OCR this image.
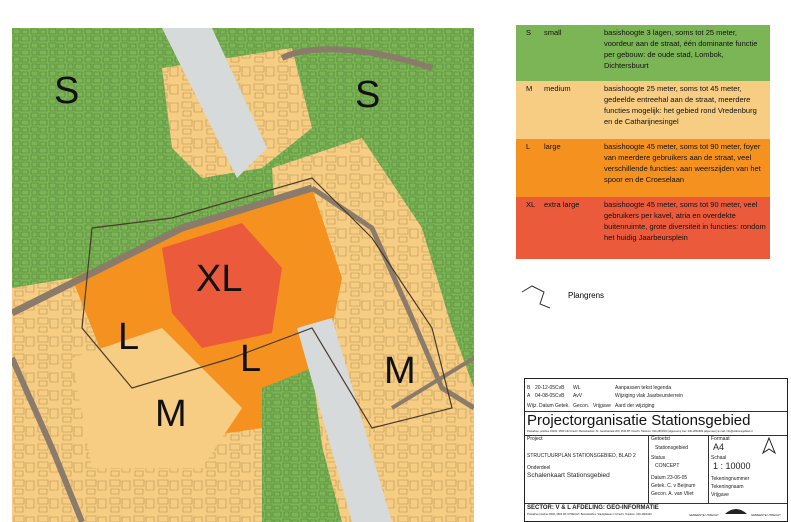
S	S
XL
L
L
M
M
S	small	basishoogte 3 lagen, soms tot 25 meter, voordeur aan de straat, één dominante functie per gebouw: de oude stad, Lombok, Dichtersbuurt
M	medium	basishoogte 25 meter, soms tot 45 meter, gedeelde entreehal aan de straat, meerdere functies mogelijk: het gebied rond Vredenburg en de Catharijnesingel
L	large	basishoogte 45 meter, soms tot 90 meter, foyer van meerdere gebruikers aan de straat, veel verschillende functies: aan weerszijden van het spoor en de Croeselaan
XL	extra large	basishoogte 45 meter, soms tot 90 meter, veel gebruikers per kavel, atria en overdekte buitenruimte, grote diversiteit in functies: rondom het huidig Jaarbeursplein
Plangrens
B 20-12-05 CvB WL	Aanpassen tekst legenda
A 04-08-05 CvB AvV	Wijziging vlak Jaarbeursterrein
Wijz. Datum Getek. Gecon. Vrijgave Aard der wijziging
Projectorganisatie Stationsgebied
Postadres: postbus 16200, 3500 CE Utrecht. Bezoekadres: St. Jacobsstraat 200, 3511 BT Utrecht. Telefoon: 030-2861600 (algemeen) Fax: 030-2861699 (algemeen) E-mail: info@stationsgebied.nl
Project
STRUCTUURPLAN STATIONSGEBIED, BLAD 2
Onderdeel
Schalenkaart Stationsgebied
Getoetst
Stationsgebied
Status
CONCEPT
Datum 23-06-05
Getek. C. v Beijnum
Gecon. A. van Vliet
Formaat
A4
Schaal
1 : 10000
Tekeningnummer
Tekeningnaam
Vrijgave
SECTOR: V & L AFDELING: GEO-INFORMATIE
Postadres postbus 8406, 3503 RK UTRECHT. Bezoekadres: Stadsplateau 1 Utrecht. Telefoon: 030-2861920	GEMEENTE UTRECHT	GEMEENTE UTRECHT
